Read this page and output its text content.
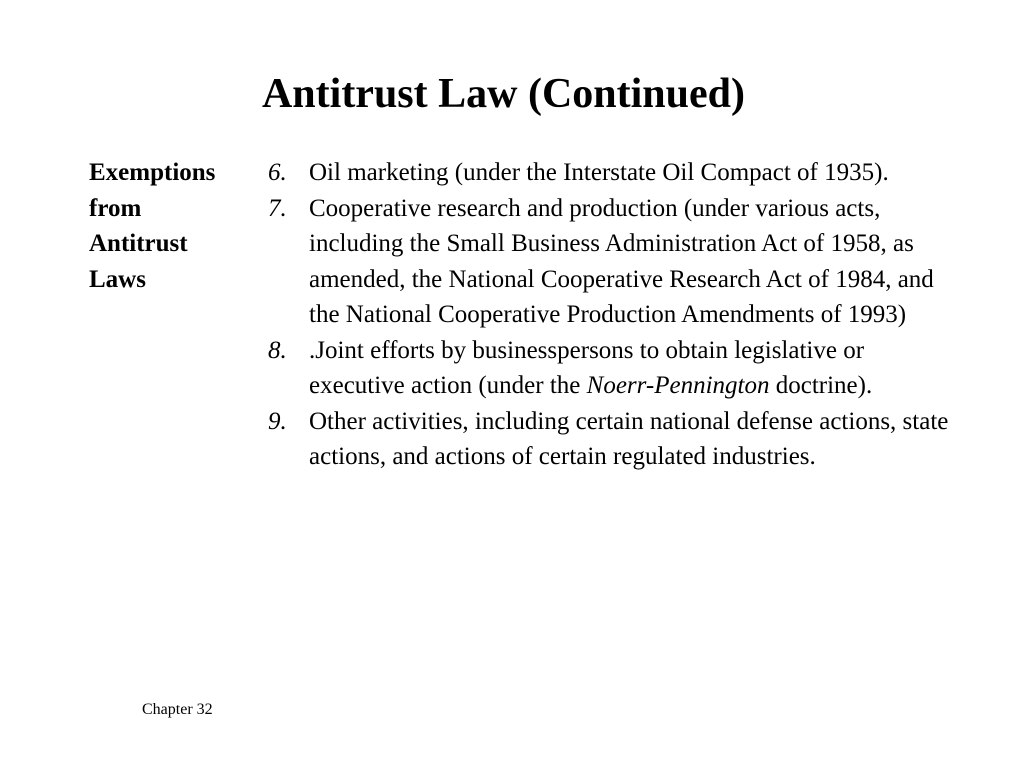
Antitrust Law (Continued)
Exemptions
from
Antitrust
Laws
6. Oil marketing (under the Interstate Oil Compact of 1935).
7. Cooperative research and production (under various acts, including the Small Business Administration Act of 1958, as amended, the National Cooperative Research Act of 1984, and the National Cooperative Production Amendments of 1993)
8. .Joint efforts by businesspersons to obtain legislative or executive action (under the Noerr-Pennington doctrine).
9. Other activities, including certain national defense actions, state actions, and actions of certain regulated industries.
Chapter 32
